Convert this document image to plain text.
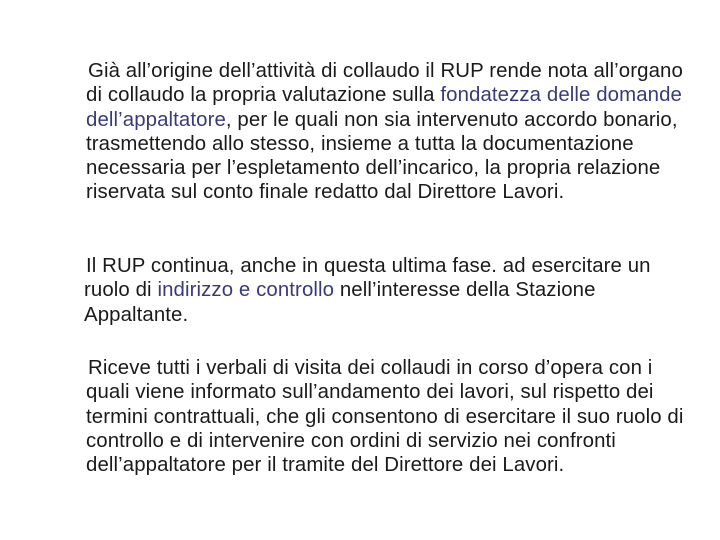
Già all’origine dell’attività di collaudo il RUP rende nota all’organo di collaudo la propria valutazione sulla fondatezza delle domande dell’appaltatore, per le quali non sia intervenuto accordo bonario, trasmettendo allo stesso, insieme a tutta la documentazione necessaria per l’espletamento dell’incarico, la propria relazione riservata sul conto finale redatto dal Direttore Lavori.

Il RUP continua, anche in questa ultima fase. ad esercitare un ruolo di indirizzo e controllo nell’interesse della Stazione Appaltante.

Riceve tutti i verbali di visita dei collaudi in corso d’opera con i quali viene informato sull’andamento dei lavori, sul rispetto dei termini contrattuali, che gli consentono di esercitare il suo ruolo di controllo e di intervenire con ordini di servizio nei confronti dell’appaltatore per il tramite del Direttore dei Lavori.
